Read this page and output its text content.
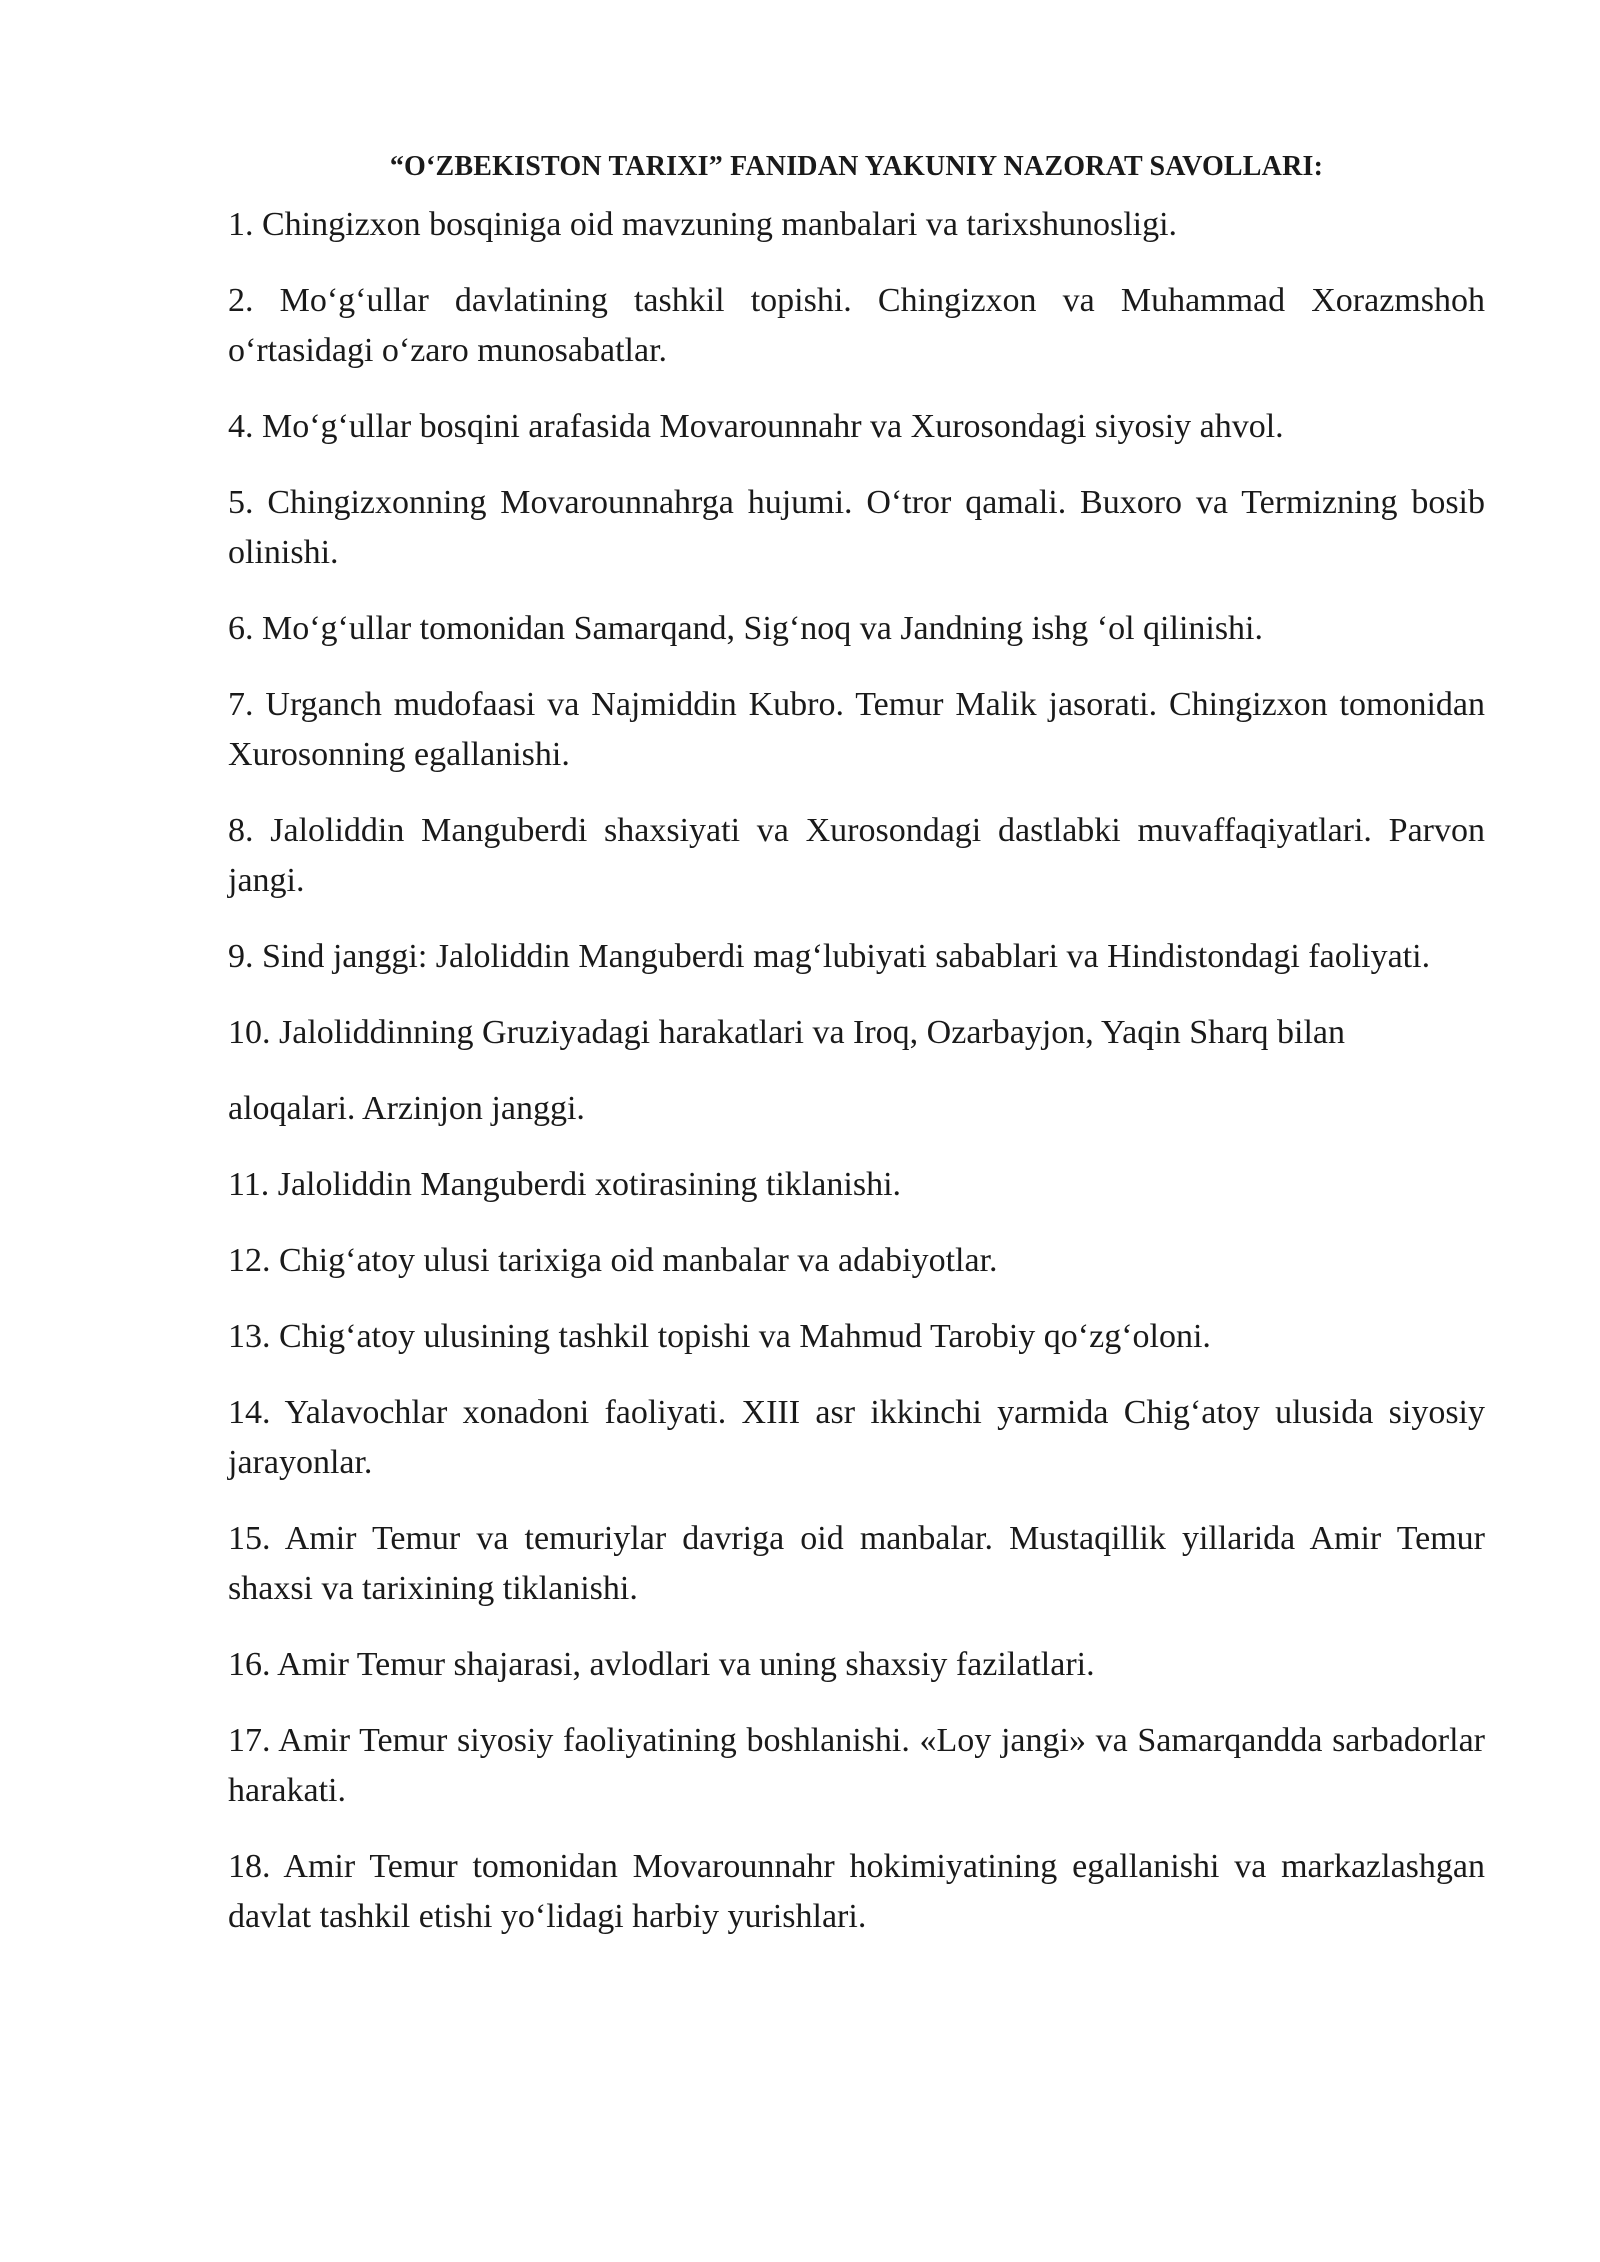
“O‘ZBEKISTON TARIXI” FANIDAN YAKUNIY NAZORAT SAVOLLARI:

1. Chingizxon bosqiniga oid mavzuning manbalari va tarixshunosligi.

2. Mo‘g‘ullar davlatining tashkil topishi. Chingizxon va Muhammad Xorazmshoh o‘rtasidagi o‘zaro munosabatlar.

4. Mo‘g‘ullar bosqini arafasida Movarounnahr va Xurosondagi siyosiy ahvol.

5. Chingizxonning Movarounnahrga hujumi. O‘tror qamali. Buxoro va Termizning bosib olinishi.

6. Mo‘g‘ullar tomonidan Samarqand, Sig‘noq va Jandning ishg ‘ol qilinishi.

7. Urganch mudofaasi va Najmiddin Kubro. Temur Malik jasorati. Chingizxon tomonidan Xurosonning egallanishi.

8. Jaloliddin Manguberdi shaxsiyati va Xurosondagi dastlabki muvaffaqiyatlari. Parvon jangi.

9. Sind janggi: Jaloliddin Manguberdi mag‘lubiyati sabablari va Hindistondagi faoliyati.

10. Jaloliddinning Gruziyadagi harakatlari va Iroq, Ozarbayjon, Yaqin Sharq bilan

aloqalari. Arzinjon janggi.

11. Jaloliddin Manguberdi xotirasining tiklanishi.

12. Chig‘atoy ulusi tarixiga oid manbalar va adabiyotlar.

13. Chig‘atoy ulusining tashkil topishi va Mahmud Tarobiy qo‘zg‘oloni.

14. Yalavochlar xonadoni faoliyati. XIII asr ikkinchi yarmida Chig‘atoy ulusida siyosiy jarayonlar.

15. Amir Temur va temuriylar davriga oid manbalar. Mustaqillik yillarida Amir Temur shaxsi va tarixining tiklanishi.

16. Amir Temur shajarasi, avlodlari va uning shaxsiy fazilatlari.

17. Amir Temur siyosiy faoliyatining boshlanishi. «Loy jangi» va Samarqandda sarbadorlar harakati.

18. Amir Temur tomonidan Movarounnahr hokimiyatining egallanishi va markazlashgan davlat tashkil etishi yo‘lidagi harbiy yurishlari.
